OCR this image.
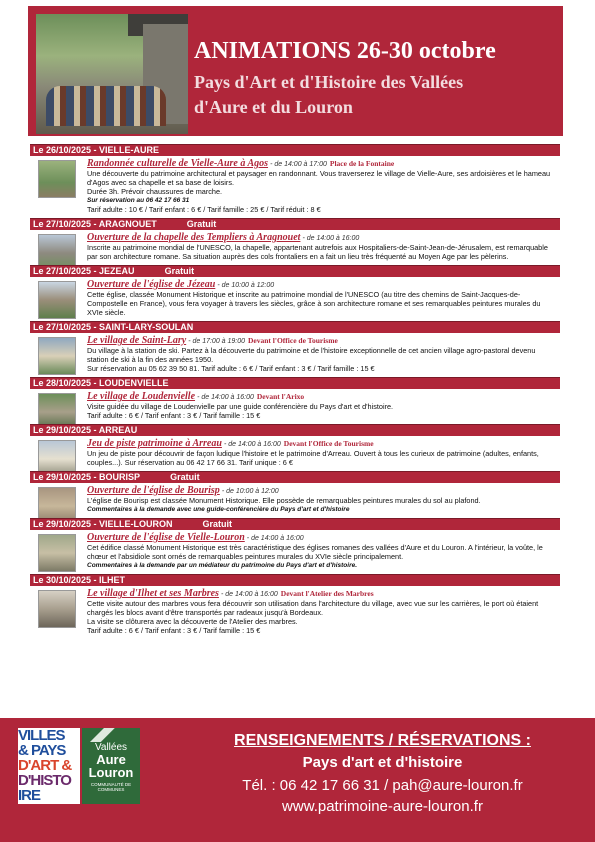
ANIMATIONS 26-30 octobre
Pays d'Art et d'Histoire des Vallées
d'Aure et du Louron
Le 26/10/2025 - VIELLE-AURE
Randonnée culturelle de Vielle-Aure à Agos - de 14:00 à 17:00 Place de la Fontaine
Une découverte du patrimoine architectural et paysager en randonnant. Vous traverserez le village de Vielle-Aure, ses ardoisières et le hameau d'Agos avec sa chapelle et sa base de loisirs.
Durée 3h. Prévoir chaussures de marche.
Sur réservation au 06 42 17 66 31
Tarif adulte : 10 € / Tarif enfant : 6 € / Tarif famille : 25 € / Tarif réduit : 8 €
Le 27/10/2025 - ARAGNOUET	Gratuit
Ouverture de la chapelle des Templiers à Aragnouet - de 14:00 à 16:00
Inscrite au patrimoine mondial de l'UNESCO, la chapelle, appartenant autrefois aux Hospitaliers-de-Saint-Jean-de-Jérusalem, est remarquable par son architecture romane. Sa situation auprès des cols frontaliers en a fait un lieu très fréquenté au Moyen Age par les pèlerins.
Le 27/10/2025 - JEZEAU	Gratuit
Ouverture de l'église de Jézeau - de 10:00 à 12:00
Cette église, classée Monument Historique et inscrite au patrimoine mondial de l'UNESCO (au titre des chemins de Saint-Jacques-de-Compostelle en France), vous fera voyager à travers les siècles, grâce à son architecture romane et ses remarquables peintures murales du XVIe siècle.
Le 27/10/2025 - SAINT-LARY-SOULAN
Le village de Saint-Lary - de 17:00 à 19:00 Devant l'Office de Tourisme
Du village à la station de ski. Partez à la découverte du patrimoine et de l'histoire exceptionnelle de cet ancien village agro-pastoral devenu station de ski à la fin des années 1950.
Sur réservation au 05 62 39 50 81. Tarif adulte : 6 € / Tarif enfant : 3 € / Tarif famille : 15 €
Le 28/10/2025 - LOUDENVIELLE
Le village de Loudenvielle - de 14:00 à 16:00 Devant l'Arixo
Visite guidée du village de Loudenvielle par une guide conférencière du Pays d'art et d'histoire.
Tarif adulte : 6 € / Tarif enfant : 3 € / Tarif famille : 15 €
Le 29/10/2025 - ARREAU
Jeu de piste patrimoine à Arreau - de 14:00 à 16:00 Devant l'Office de Tourisme
Un jeu de piste pour découvrir de façon ludique l'histoire et le patrimoine d'Arreau. Ouvert à tous les curieux de patrimoine (adultes, enfants, couples...). Sur réservation au 06 42 17 66 31. Tarif unique : 6 €
Le 29/10/2025 - BOURISP	Gratuit
Ouverture de l'église de Bourisp - de 10:00 à 12:00
L'église de Bourisp est classée Monument Historique. Elle possède de remarquables peintures murales du sol au plafond.
Commentaires à la demande avec une guide-conférencière du Pays d'art et d'histoire
Le 29/10/2025 - VIELLE-LOURON	Gratuit
Ouverture de l'église de Vielle-Louron - de 14:00 à 16:00
Cet édifice classé Monument Historique est très caractéristique des églises romanes des vallées d'Aure et du Louron. A l'intérieur, la voûte, le chœur et l'absidiole sont ornés de remarquables peintures murales du XVIe siècle principalement.
Commentaires à la demande par un médiateur du patrimoine du Pays d'art et d'histoire.
Le 30/10/2025 - ILHET
Le village d'Ilhet et ses Marbres - de 14:00 à 16:00 Devant l'Atelier des Marbres
Cette visite autour des marbres vous fera découvrir son utilisation dans l'architecture du village, avec vue sur les carrières, le port où étaient chargés les blocs avant d'être transportés par radeaux jusqu'à Bordeaux.
La visite se clôturera avec la découverte de l'Atelier des marbres.
Tarif adulte : 6 € / Tarif enfant : 3 € / Tarif famille : 15 €
VILLES
& PAYS
D'ART &
D'HISTO
IRE
Vallées
Aure
Louron
COMMUNAUTÉ DE COMMUNES
RENSEIGNEMENTS / RÉSERVATIONS :
Pays d'art et d'histoire
Tél. : 06 42 17 66 31 / pah@aure-louron.fr
www.patrimoine-aure-louron.fr
